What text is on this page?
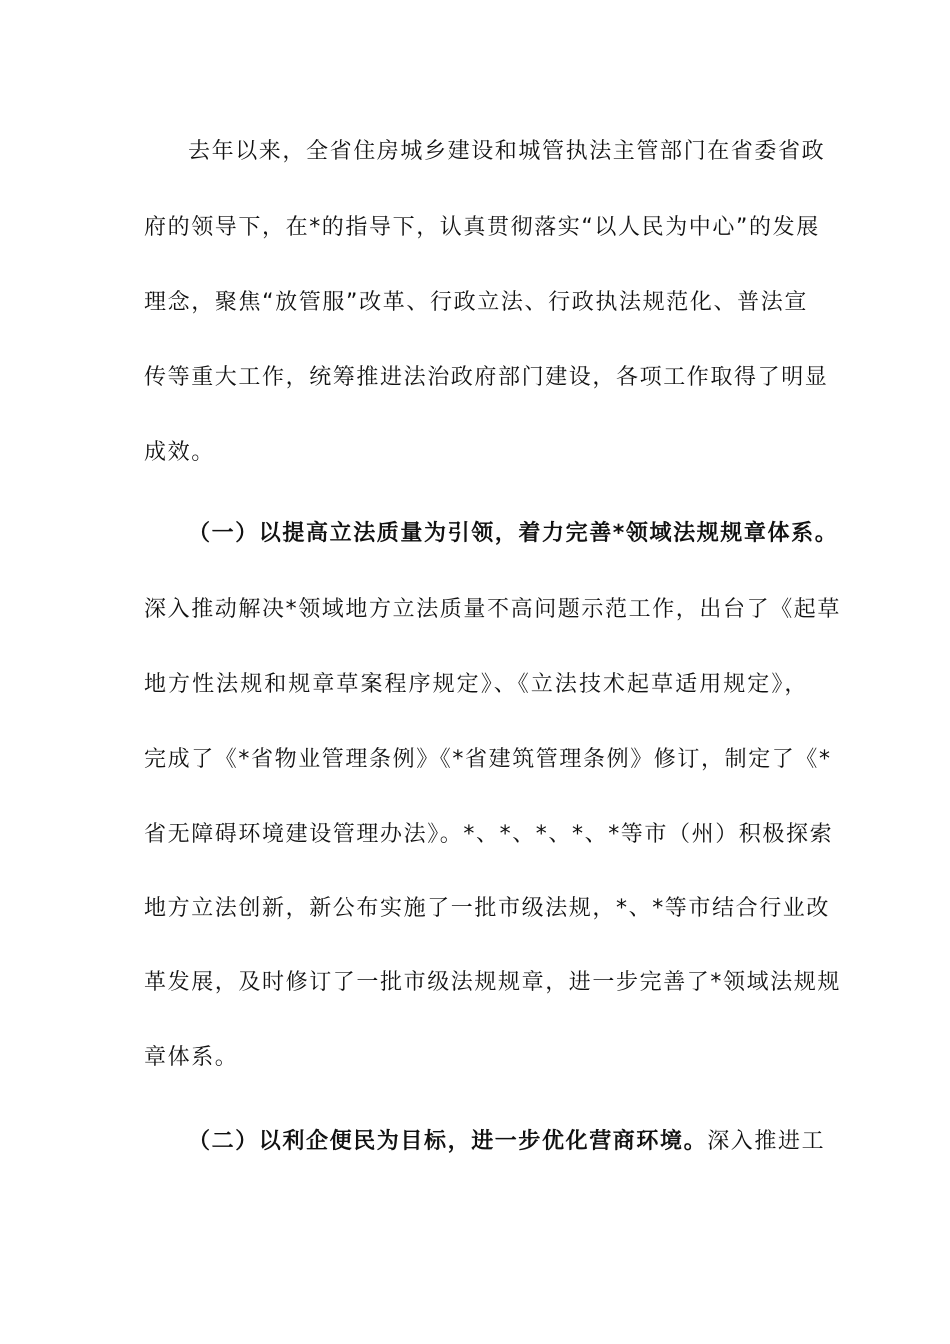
去年以来，全省住房城乡建设和城管执法主管部门在省委省政
府的领导下，在*的指导下，认真贯彻落实“以人民为中心”的发展
理念，聚焦“放管服”改革、行政立法、行政执法规范化、普法宣
传等重大工作，统筹推进法治政府部门建设，各项工作取得了明显
成效。
（一）以提高立法质量为引领，着力完善*领域法规规章体系。
深入推动解决*领域地方立法质量不高问题示范工作，出台了《起草
地方性法规和规章草案程序规定》、《立法技术起草适用规定》，
完成了《*省物业管理条例》《*省建筑管理条例》修订，制定了《*
省无障碍环境建设管理办法》。*、*、*、*、*等市（州）积极探索
地方立法创新，新公布实施了一批市级法规，*、*等市结合行业改
革发展，及时修订了一批市级法规规章，进一步完善了*领域法规规
章体系。
（二）以利企便民为目标，进一步优化营商环境。深入推进工
